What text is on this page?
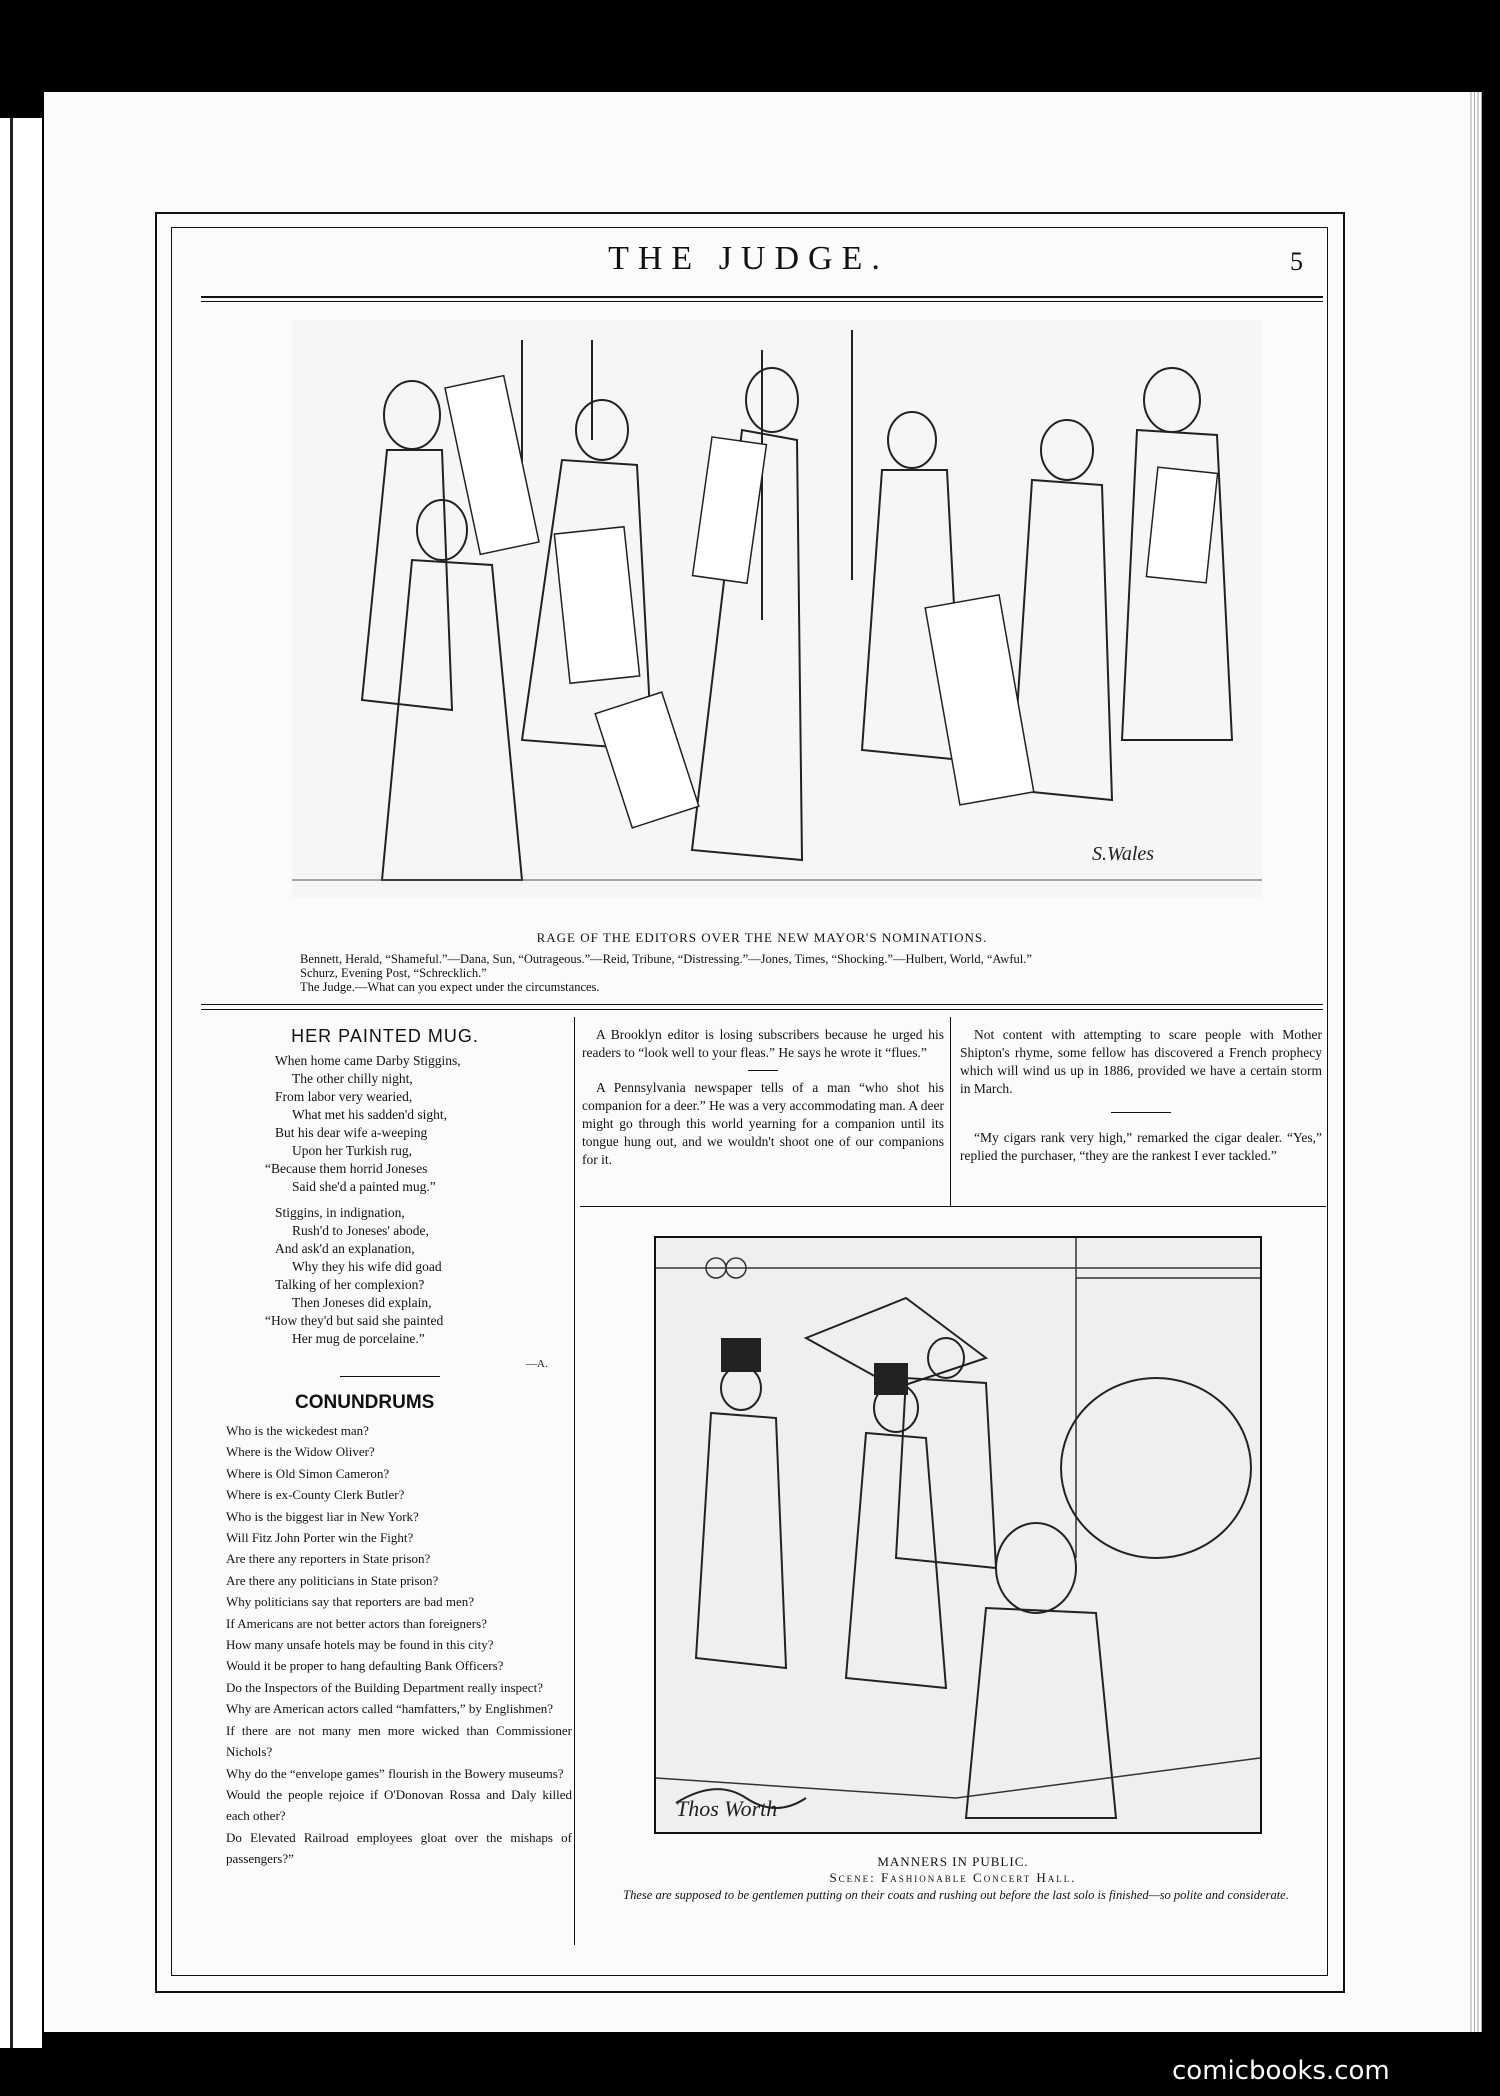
THE JUDGE.	5
S.Wales
RAGE OF THE EDITORS OVER THE NEW MAYOR'S NOMINATIONS.
Bennett, Herald, “Shameful.”—Dana, Sun, “Outrageous.”—Reid, Tribune, “Distressing.”—Jones, Times, “Shocking.”—Hulbert, World, “Awful.”
Schurz, Evening Post, “Schrecklich.”
The Judge.—What can you expect under the circumstances.
HER PAINTED MUG.
When home came Darby Stiggins,
The other chilly night,
From labor very wearied,
What met his sadden'd sight,
But his dear wife a-weeping
Upon her Turkish rug,
“Because them horrid Joneses
Said she'd a painted mug.”
Stiggins, in indignation,
Rush'd to Joneses' abode,
And ask'd an explanation,
Why they his wife did goad
Talking of her complexion?
Then Joneses did explain,
“How they'd but said she painted
Her mug de porcelaine.”
—A.
CONUNDRUMS
Who is the wickedest man?
Where is the Widow Oliver?
Where is Old Simon Cameron?
Where is ex-County Clerk Butler?
Who is the biggest liar in New York?
Will Fitz John Porter win the Fight?
Are there any reporters in State prison?
Are there any politicians in State prison?
Why politicians say that reporters are bad men?
If Americans are not better actors than foreigners?
How many unsafe hotels may be found in this city?
Would it be proper to hang defaulting Bank Officers?
Do the Inspectors of the Building Department really inspect?
Why are American actors called “hamfatters,” by Englishmen?
If there are not many men more wicked than Commissioner Nichols?
Why do the “envelope games” flourish in the Bowery museums?
Would the people rejoice if O'Donovan Rossa and Daly killed each other?
Do Elevated Railroad employees gloat over the mishaps of passengers?”
A Brooklyn editor is losing subscribers because he urged his readers to “look well to your fleas.” He says he wrote it “flues.”
A Pennsylvania newspaper tells of a man “who shot his companion for a deer.” He was a very accommodating man. A deer might go through this world yearning for a companion until its tongue hung out, and we wouldn't shoot one of our companions for it.
Not content with attempting to scare people with Mother Shipton's rhyme, some fellow has discovered a French prophecy which will wind us up in 1886, provided we have a certain storm in March.
“My cigars rank very high,” remarked the cigar dealer. “Yes,” replied the purchaser, “they are the rankest I ever tackled.”
Thos Worth
MANNERS IN PUBLIC.
Scene: Fashionable Concert Hall.
These are supposed to be gentlemen putting on their coats and rushing out before the last solo is finished—so polite and considerate.
comicbooks.com
